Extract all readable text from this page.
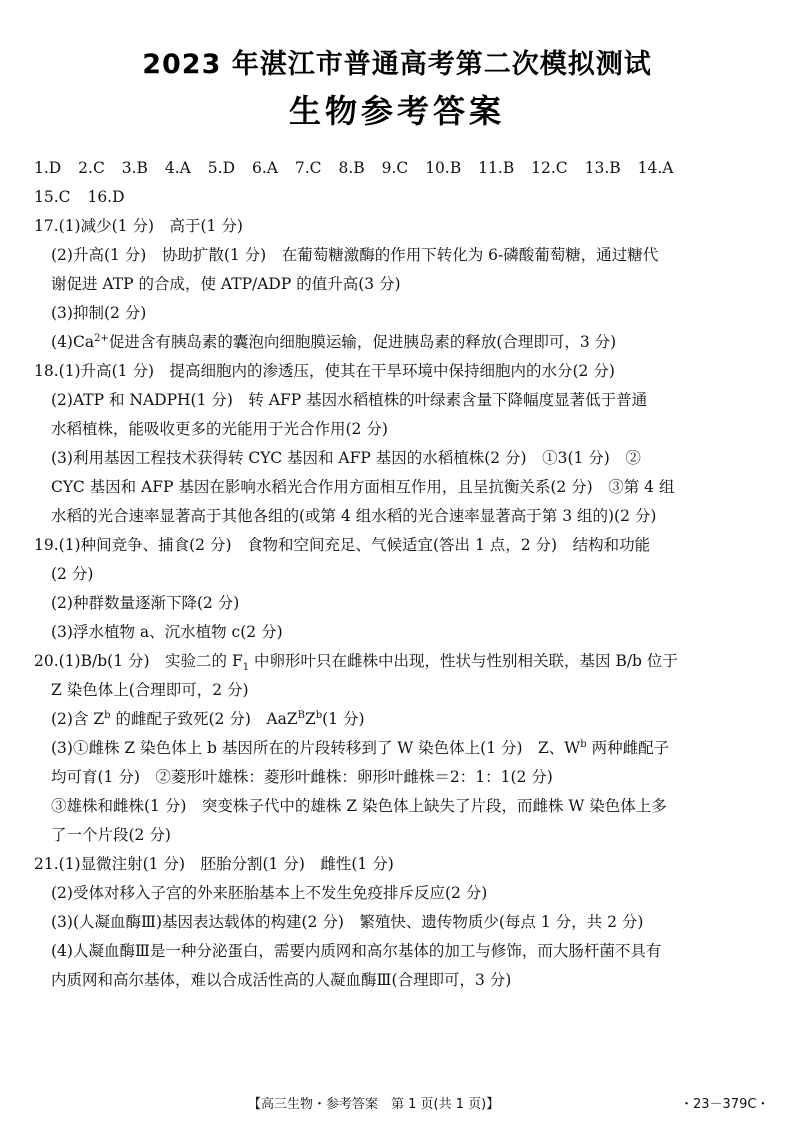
2023 年湛江市普通高考第二次模拟测试
生物参考答案
1.D 2.C 3.B 4.A 5.D 6.A 7.C 8.B 9.C 10.B 11.B 12.C 13.B 14.A
15.C 16.D
17.(1)减少(1 分)　高于(1 分)
(2)升高(1 分)　协助扩散(1 分)　在葡萄糖激酶的作用下转化为 6-磷酸葡萄糖，通过糖代
谢促进 ATP 的合成，使 ATP/ADP 的值升高(3 分)
(3)抑制(2 分)
$(4)Ca^{2+}$促进含有胰岛素的囊泡向细胞膜运输，促进胰岛素的释放(合理即可，3 分)
18.(1)升高(1 分)　提高细胞内的渗透压，使其在干旱环境中保持细胞内的水分(2 分)
(2)ATP 和 NADPH(1 分)　转 AFP 基因水稻植株的叶绿素含量下降幅度显著低于普通
水稻植株，能吸收更多的光能用于光合作用(2 分)
(3)利用基因工程技术获得转 CYC 基因和 AFP 基因的水稻植株(2 分)　①3(1 分)　②
CYC 基因和 AFP 基因在影响水稻光合作用方面相互作用，且呈抗衡关系(2 分)　③第 4 组
水稻的光合速率显著高于其他各组的(或第 4 组水稻的光合速率显著高于第 3 组的)(2 分)
19.(1)种间竞争、捕食(2 分)　食物和空间充足、气候适宜(答出 1 点，2 分)　结构和功能
(2 分)
(2)种群数量逐渐下降(2 分)
(3)浮水植物 a、沉水植物 c(2 分)
20.(1)B/b(1 分)　实验二的 $F_1$ 中卵形叶只在雌株中出现，性状与性别相关联，基因 B/b 位于
Z 染色体上(合理即可，2 分)
(2)含 $Z^b$ 的雌配子致死(2 分)　$AaZ^BZ^b(1$ 分)
(3)①雌株 Z 染色体上 b 基因所在的片段转移到了 W 染色体上(1 分)　Z、$W^b$ 两种雌配子
均可育(1 分)　②菱形叶雄株：菱形叶雌株：卵形叶雌株＝2：1：1(2 分)
③雄株和雌株(1 分)　突变株子代中的雄株 Z 染色体上缺失了片段，而雌株 W 染色体上多
了一个片段(2 分)
21.(1)显微注射(1 分)　胚胎分割(1 分)　雌性(1 分)
(2)受体对移入子宫的外来胚胎基本上不发生免疫排斥反应(2 分)
(3)(人凝血酶Ⅲ)基因表达载体的构建(2 分)　繁殖快、遗传物质少(每点 1 分，共 2 分)
(4)人凝血酶Ⅲ是一种分泌蛋白，需要内质网和高尔基体的加工与修饰，而大肠杆菌不具有
内质网和高尔基体，难以合成活性高的人凝血酶Ⅲ(合理即可，3 分)
【高三生物・参考答案　第 1 页(共 1 页)】	・23－379C・
